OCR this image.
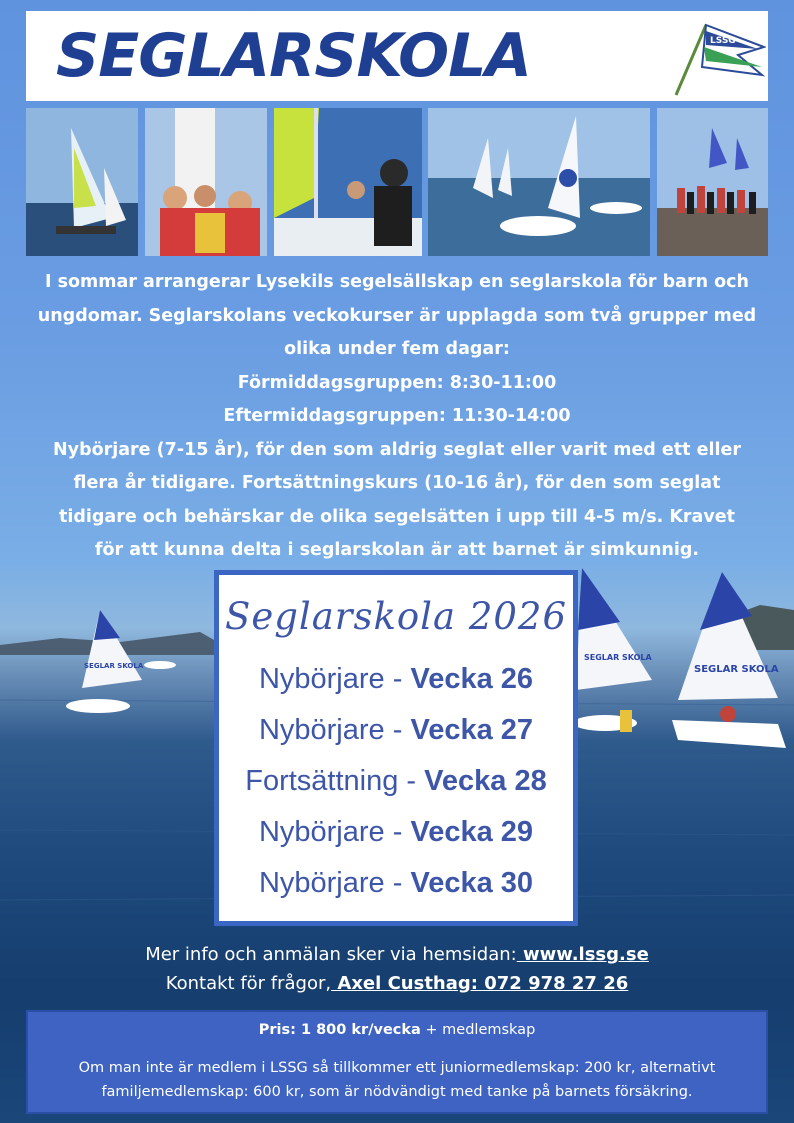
SEGLARSKOLA	LSSG
I sommar arrangerar Lysekils segelsällskap en seglarskola för barn och
ungdomar. Seglarskolans veckokurser är upplagda som två grupper med
olika under fem dagar:
Förmiddagsgruppen: 8:30-11:00
Eftermiddagsgruppen: 11:30-14:00
Nybörjare (7-15 år), för den som aldrig seglat eller varit med ett eller
flera år tidigare. Fortsättningskurs (10-16 år), för den som seglat
tidigare och behärskar de olika segelsätten i upp till 4-5 m/s. Kravet
för att kunna delta i seglarskolan är att barnet är simkunnig.
SEGLAR SKOLA
SEGLAR SKOLA
SEGLAR SKOLA
Seglarskola 2026
Nybörjare - Vecka 26
Nybörjare - Vecka 27
Fortsättning - Vecka 28
Nybörjare - Vecka 29
Nybörjare - Vecka 30
Mer info och anmälan sker via hemsidan: www.lssg.se
Kontakt för frågor, Axel Custhag: 072 978 27 26
Pris: 1 800 kr/vecka + medlemskap
Om man inte är medlem i LSSG så tillkommer ett juniormedlemskap: 200 kr, alternativt familjemedlemskap: 600 kr, som är nödvändigt med tanke på barnets försäkring.
